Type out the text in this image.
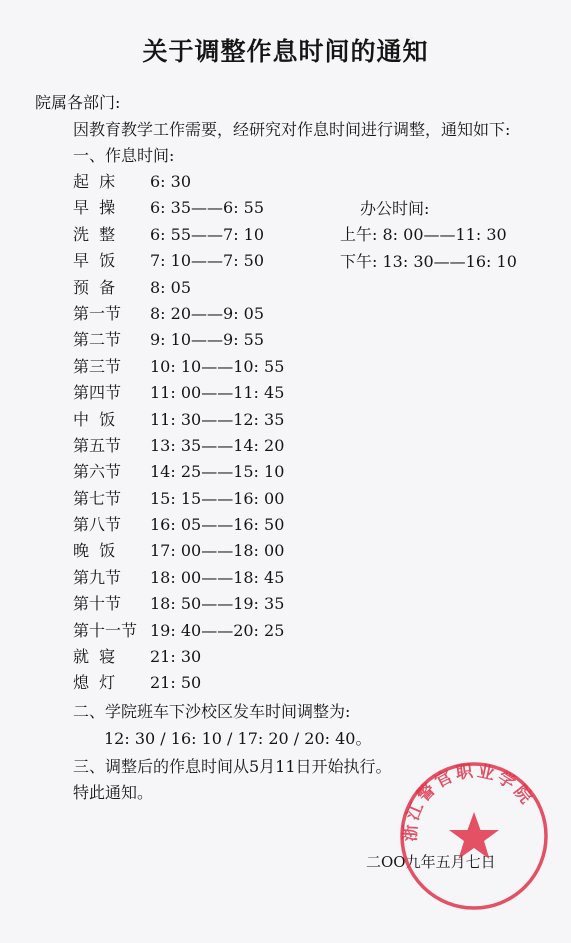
关于调整作息时间的通知
院属各部门:
因教育教学工作需要，经研究对作息时间进行调整，通知如下:
一、作息时间:
起  床 6: 30
早  操 6: 35——6: 55
洗  整 6: 55——7: 10
早  饭 7: 10——7: 50
预  备 8: 05
第一节 8: 20——9: 05
第二节 9: 10——9: 55
第三节 10: 10——10: 55
第四节 11: 00——11: 45
中  饭 11: 30——12: 35
第五节 13: 35——14: 20
第六节 14: 25——15: 10
第七节 15: 15——16: 00
第八节 16: 05——16: 50
晚  饭 17: 00——18: 00
第九节 18: 00——18: 45
第十节 18: 50——19: 35
第十一节 19: 40——20: 25
就  寝 21: 30
熄  灯 21: 50
办公时间:
上午: 8: 00——11: 30
下午: 13: 30——16: 10
二、学院班车下沙校区发车时间调整为:
12: 30 / 16: 10 / 17: 20 / 20: 40。
三、调整后的作息时间从5月11日开始执行。
特此通知。
二OO九年五月七日
浙江警官职业学院
